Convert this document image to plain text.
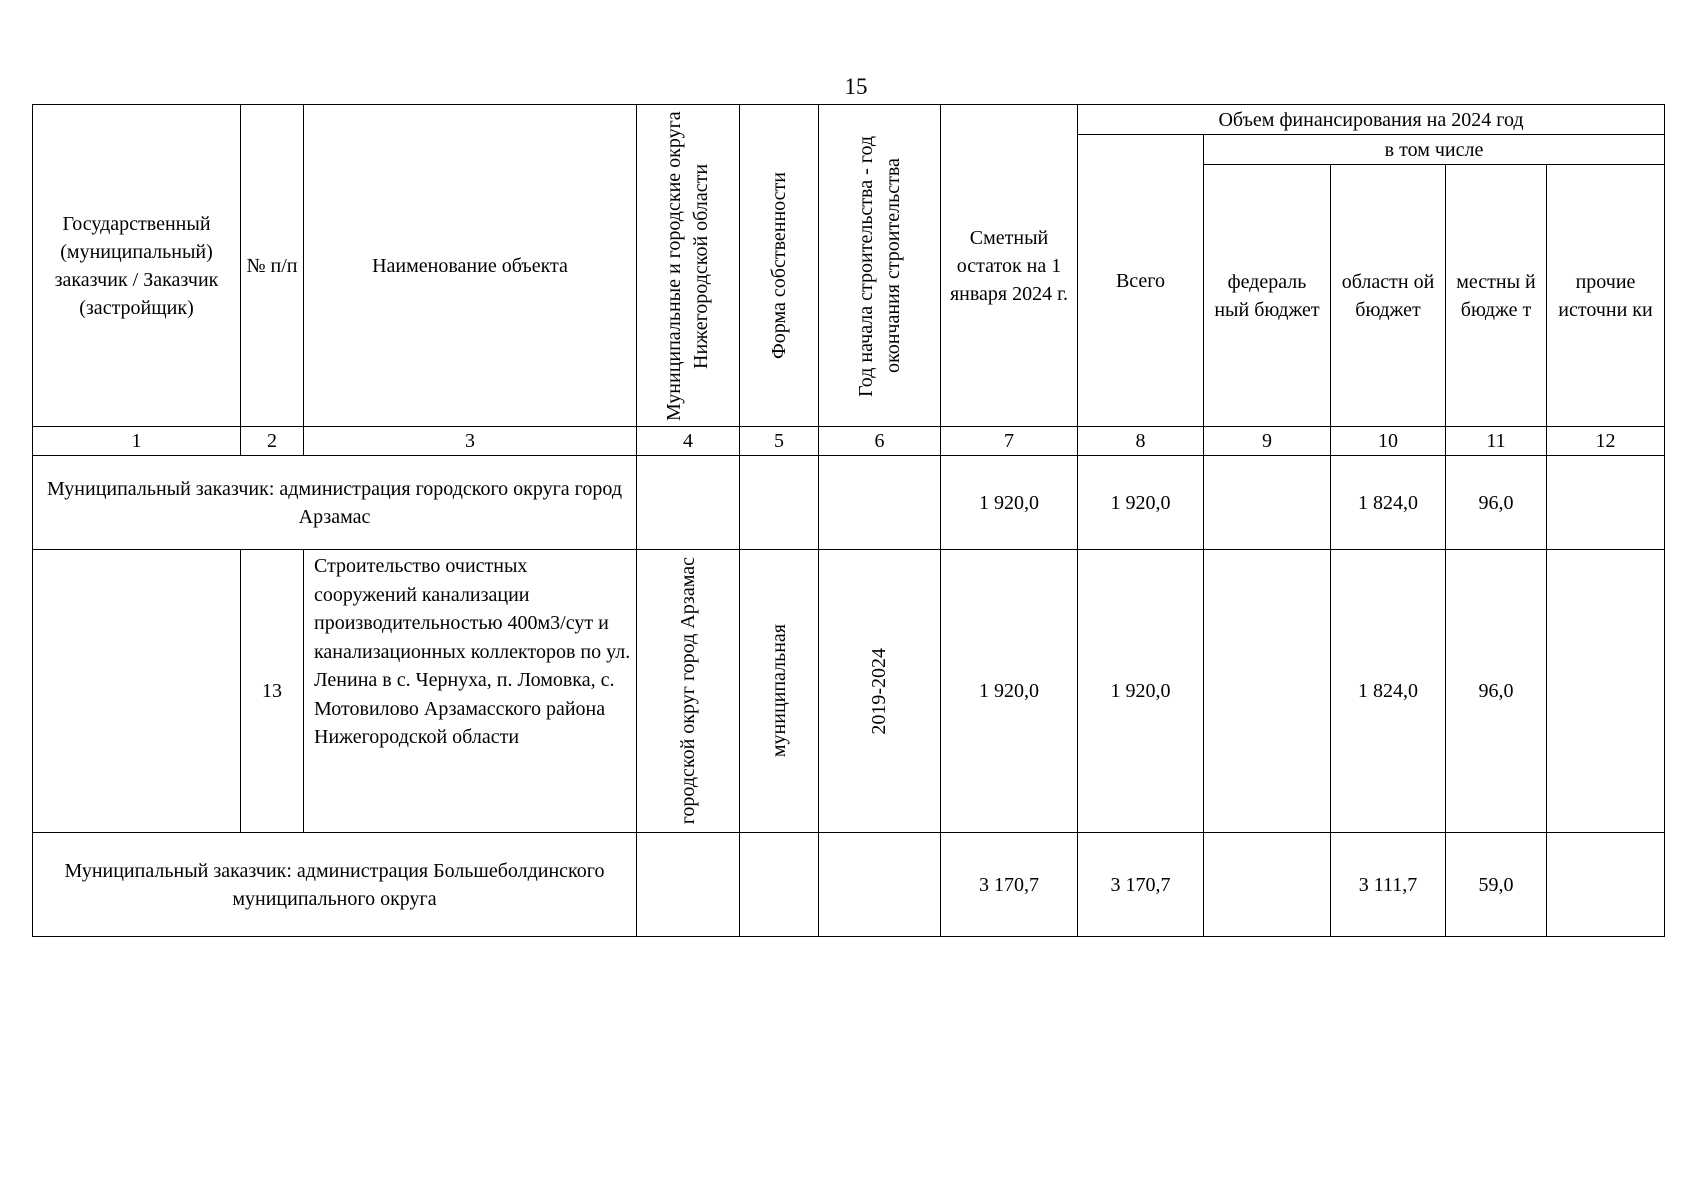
15
Государственный (муниципальный) заказчик / Заказчик (застройщик)	№ п/п	Наименование объекта	Муниципальные и городские округа Нижегородской области	Форма собственности	Год начала строительства - год окончания строительства	Сметный остаток на 1 января 2024 г.	Объем финансирования на 2024 год				
							Всего	в том числе			
								федераль ный бюджет	областн ой бюджет	местны й бюдже т	прочие источни ки
1	2	3	4	5	6	7	8	9	10	11	12
Муниципальный заказчик: администрация городского округа город Арзамас						1 920,0	1 920,0		1 824,0	96,0	
	13	Строительство очистных сооружений канализации производительностью 400м3/сут и канализационных коллекторов по ул. Ленина в с. Чернуха, п. Ломовка, с. Мотовилово Арзамасского района Нижегородской области	городской округ город Арзамас	муниципальная	2019-2024	1 920,0	1 920,0		1 824,0	96,0	
Муниципальный заказчик: администрация Большеболдинского муниципального округа						3 170,7	3 170,7		3 111,7	59,0	
